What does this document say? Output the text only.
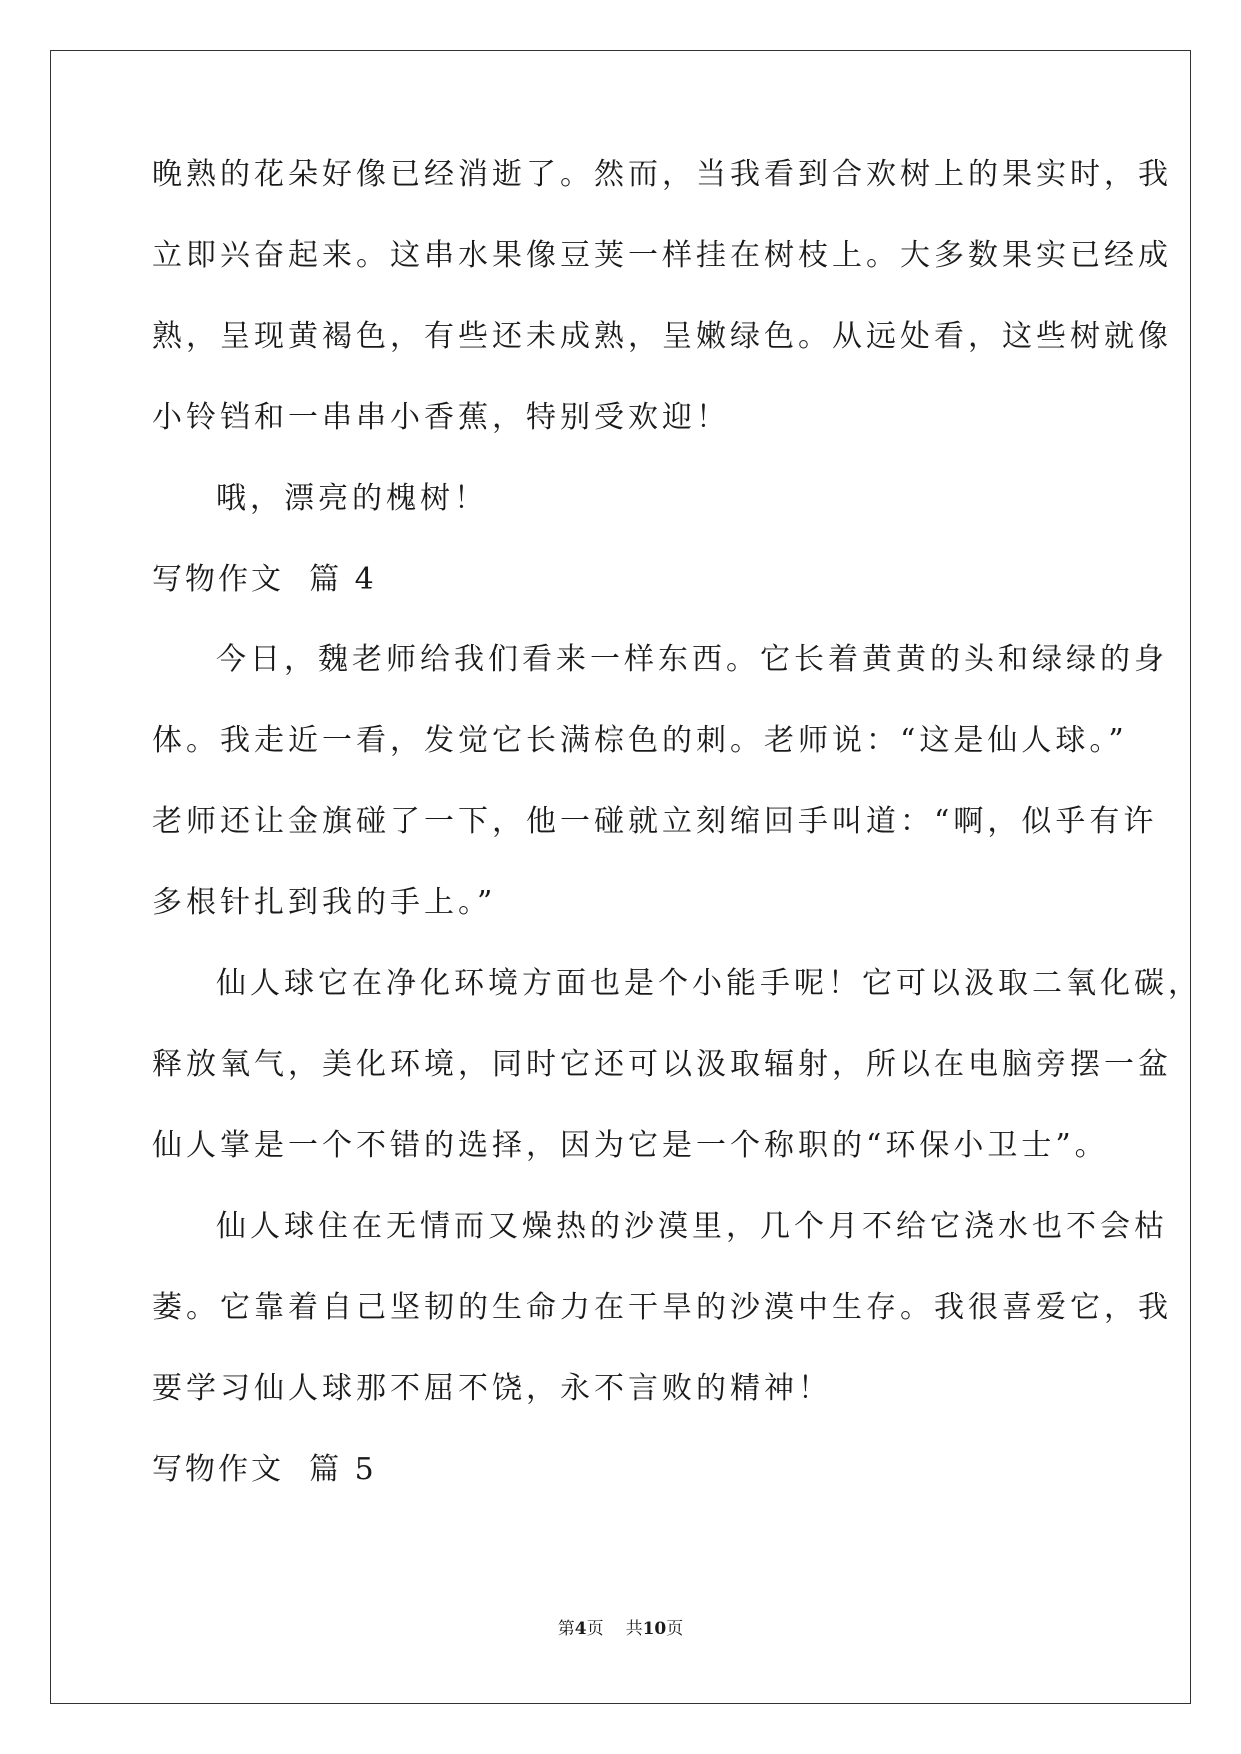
晚熟的花朵好像已经消逝了。然而，当我看到合欢树上的果实时，我
立即兴奋起来。这串水果像豆荚一样挂在树枝上。大多数果实已经成
熟，呈现黄褐色，有些还未成熟，呈嫩绿色。从远处看，这些树就像
小铃铛和一串串小香蕉，特别受欢迎！
哦，漂亮的槐树！
写物作文  篇 4
今日，魏老师给我们看来一样东西。它长着黄黄的头和绿绿的身
体。我走近一看，发觉它长满棕色的刺。老师说：“这是仙人球。”
老师还让金旗碰了一下，他一碰就立刻缩回手叫道：“啊，似乎有许
多根针扎到我的手上。”
仙人球它在净化环境方面也是个小能手呢！它可以汲取二氧化碳，
释放氧气，美化环境，同时它还可以汲取辐射，所以在电脑旁摆一盆
仙人掌是一个不错的选择，因为它是一个称职的“环保小卫士”。
仙人球住在无情而又燥热的沙漠里，几个月不给它浇水也不会枯
萎。它靠着自己坚韧的生命力在干旱的沙漠中生存。我很喜爱它，我
要学习仙人球那不屈不饶，永不言败的精神！
写物作文  篇 5
第4页 共10页
